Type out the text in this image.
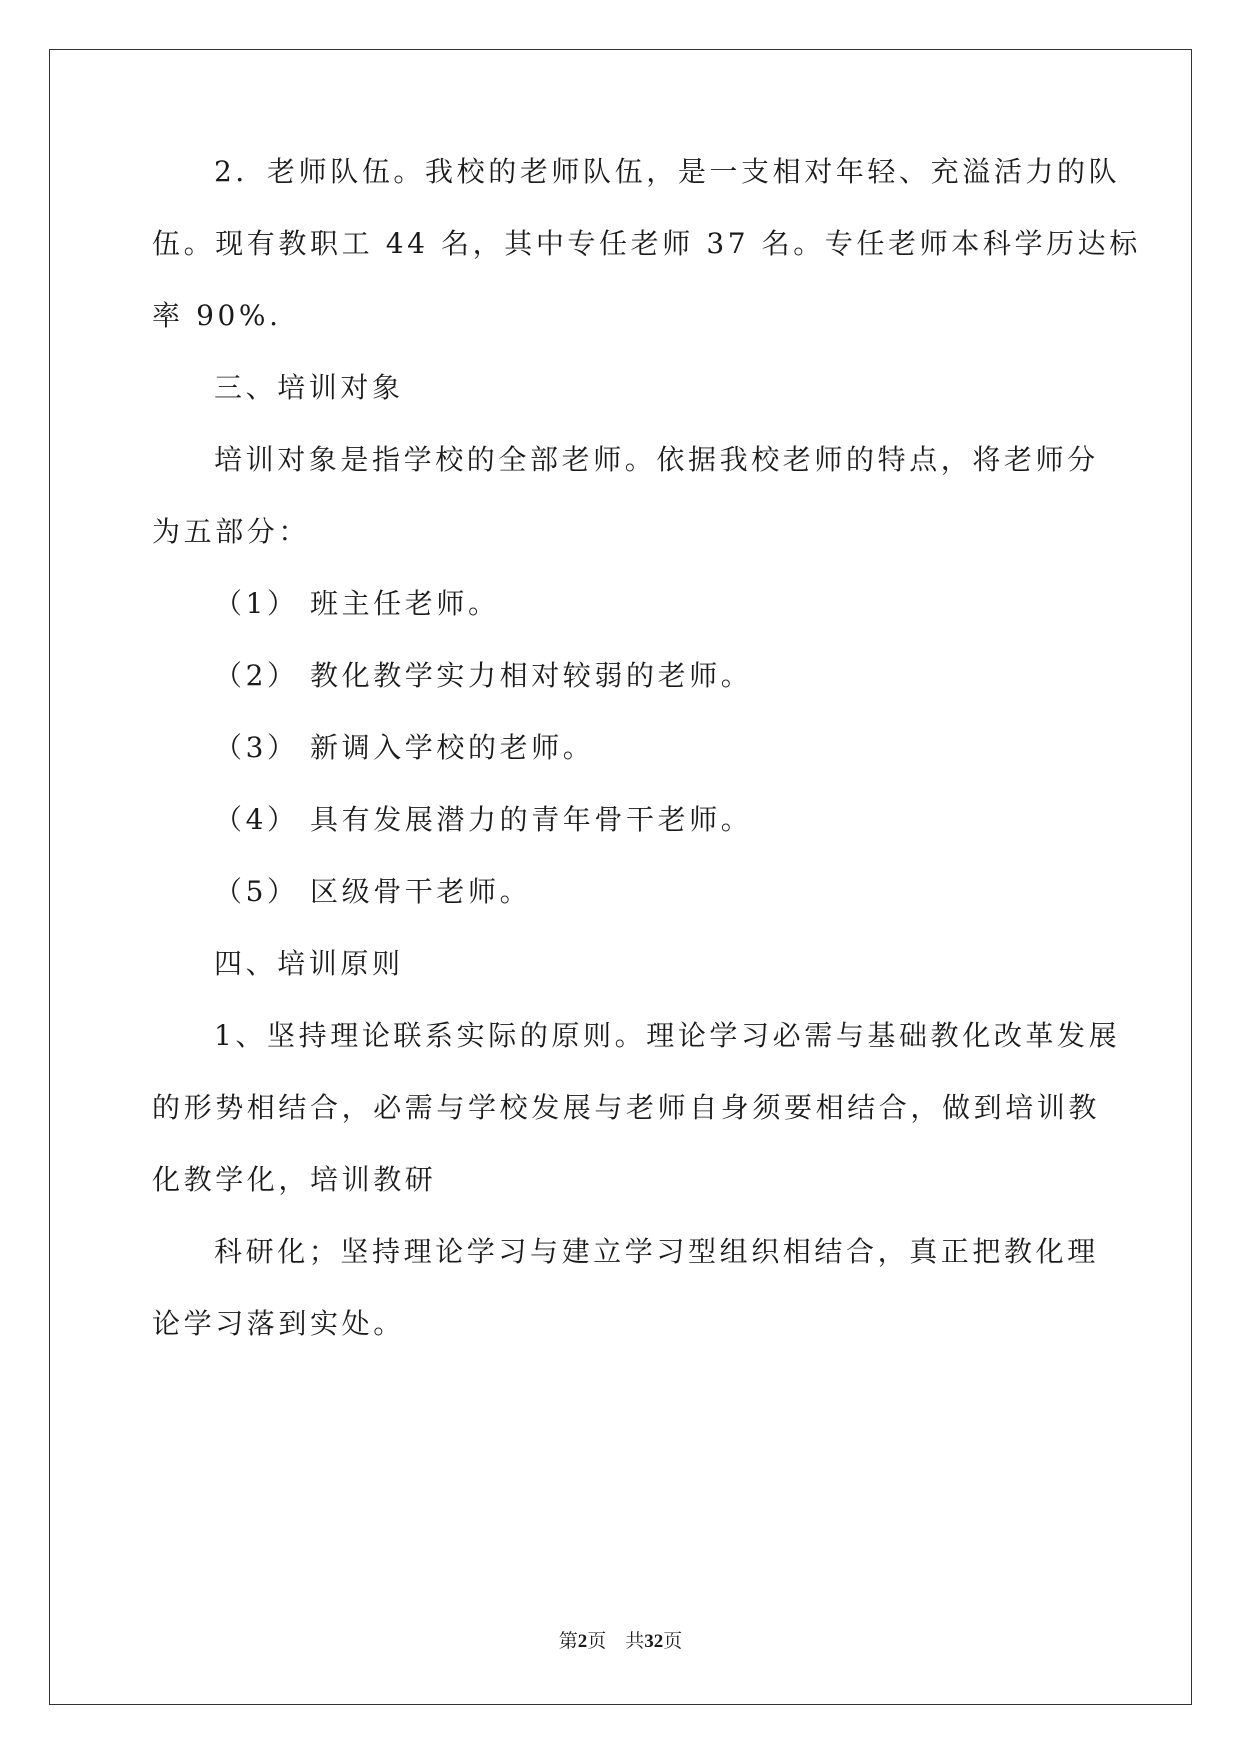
2．老师队伍。我校的老师队伍，是一支相对年轻、充溢活力的队
伍。现有教职工 44 名，其中专任老师 37 名。专任老师本科学历达标
率 90%.
三、培训对象
培训对象是指学校的全部老师。依据我校老师的特点，将老师分
为五部分：
（1） 班主任老师。
（2） 教化教学实力相对较弱的老师。
（3） 新调入学校的老师。
（4） 具有发展潜力的青年骨干老师。
（5） 区级骨干老师。
四、培训原则
1、坚持理论联系实际的原则。理论学习必需与基础教化改革发展
的形势相结合，必需与学校发展与老师自身须要相结合，做到培训教
化教学化，培训教研
科研化；坚持理论学习与建立学习型组织相结合，真正把教化理
论学习落到实处。
第2页    共32页
